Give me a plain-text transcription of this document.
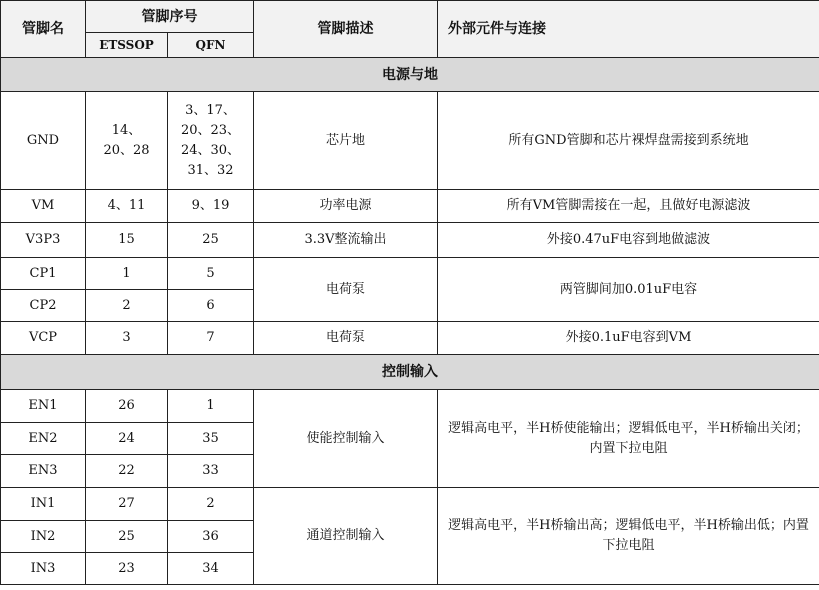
管脚名	管脚序号		管脚描述	外部元件与连接
	ETSSOP	QFN		
电源与地				
GND	14、20、28	3、17、20、23、24、30、31、32	芯片地	所有GND管脚和芯片裸焊盘需接到系统地
VM	4、11	9、19	功率电源	所有VM管脚需接在一起，且做好电源滤波
V3P3	15	25	3.3V整流输出	外接0.47uF电容到地做滤波
CP1	1	5	电荷泵	两管脚间加0.01uF电容
CP2	2	6		
VCP	3	7	电荷泵	外接0.1uF电容到VM
控制输入				
EN1	26	1	使能控制输入	逻辑高电平，半H桥使能输出；逻辑低电平，半H桥输出关闭；内置下拉电阻
EN2	24	35		
EN3	22	33		
IN1	27	2	通道控制输入	逻辑高电平，半H桥输出高；逻辑低电平，半H桥输出低；内置下拉电阻
IN2	25	36		
IN3	23	34		
